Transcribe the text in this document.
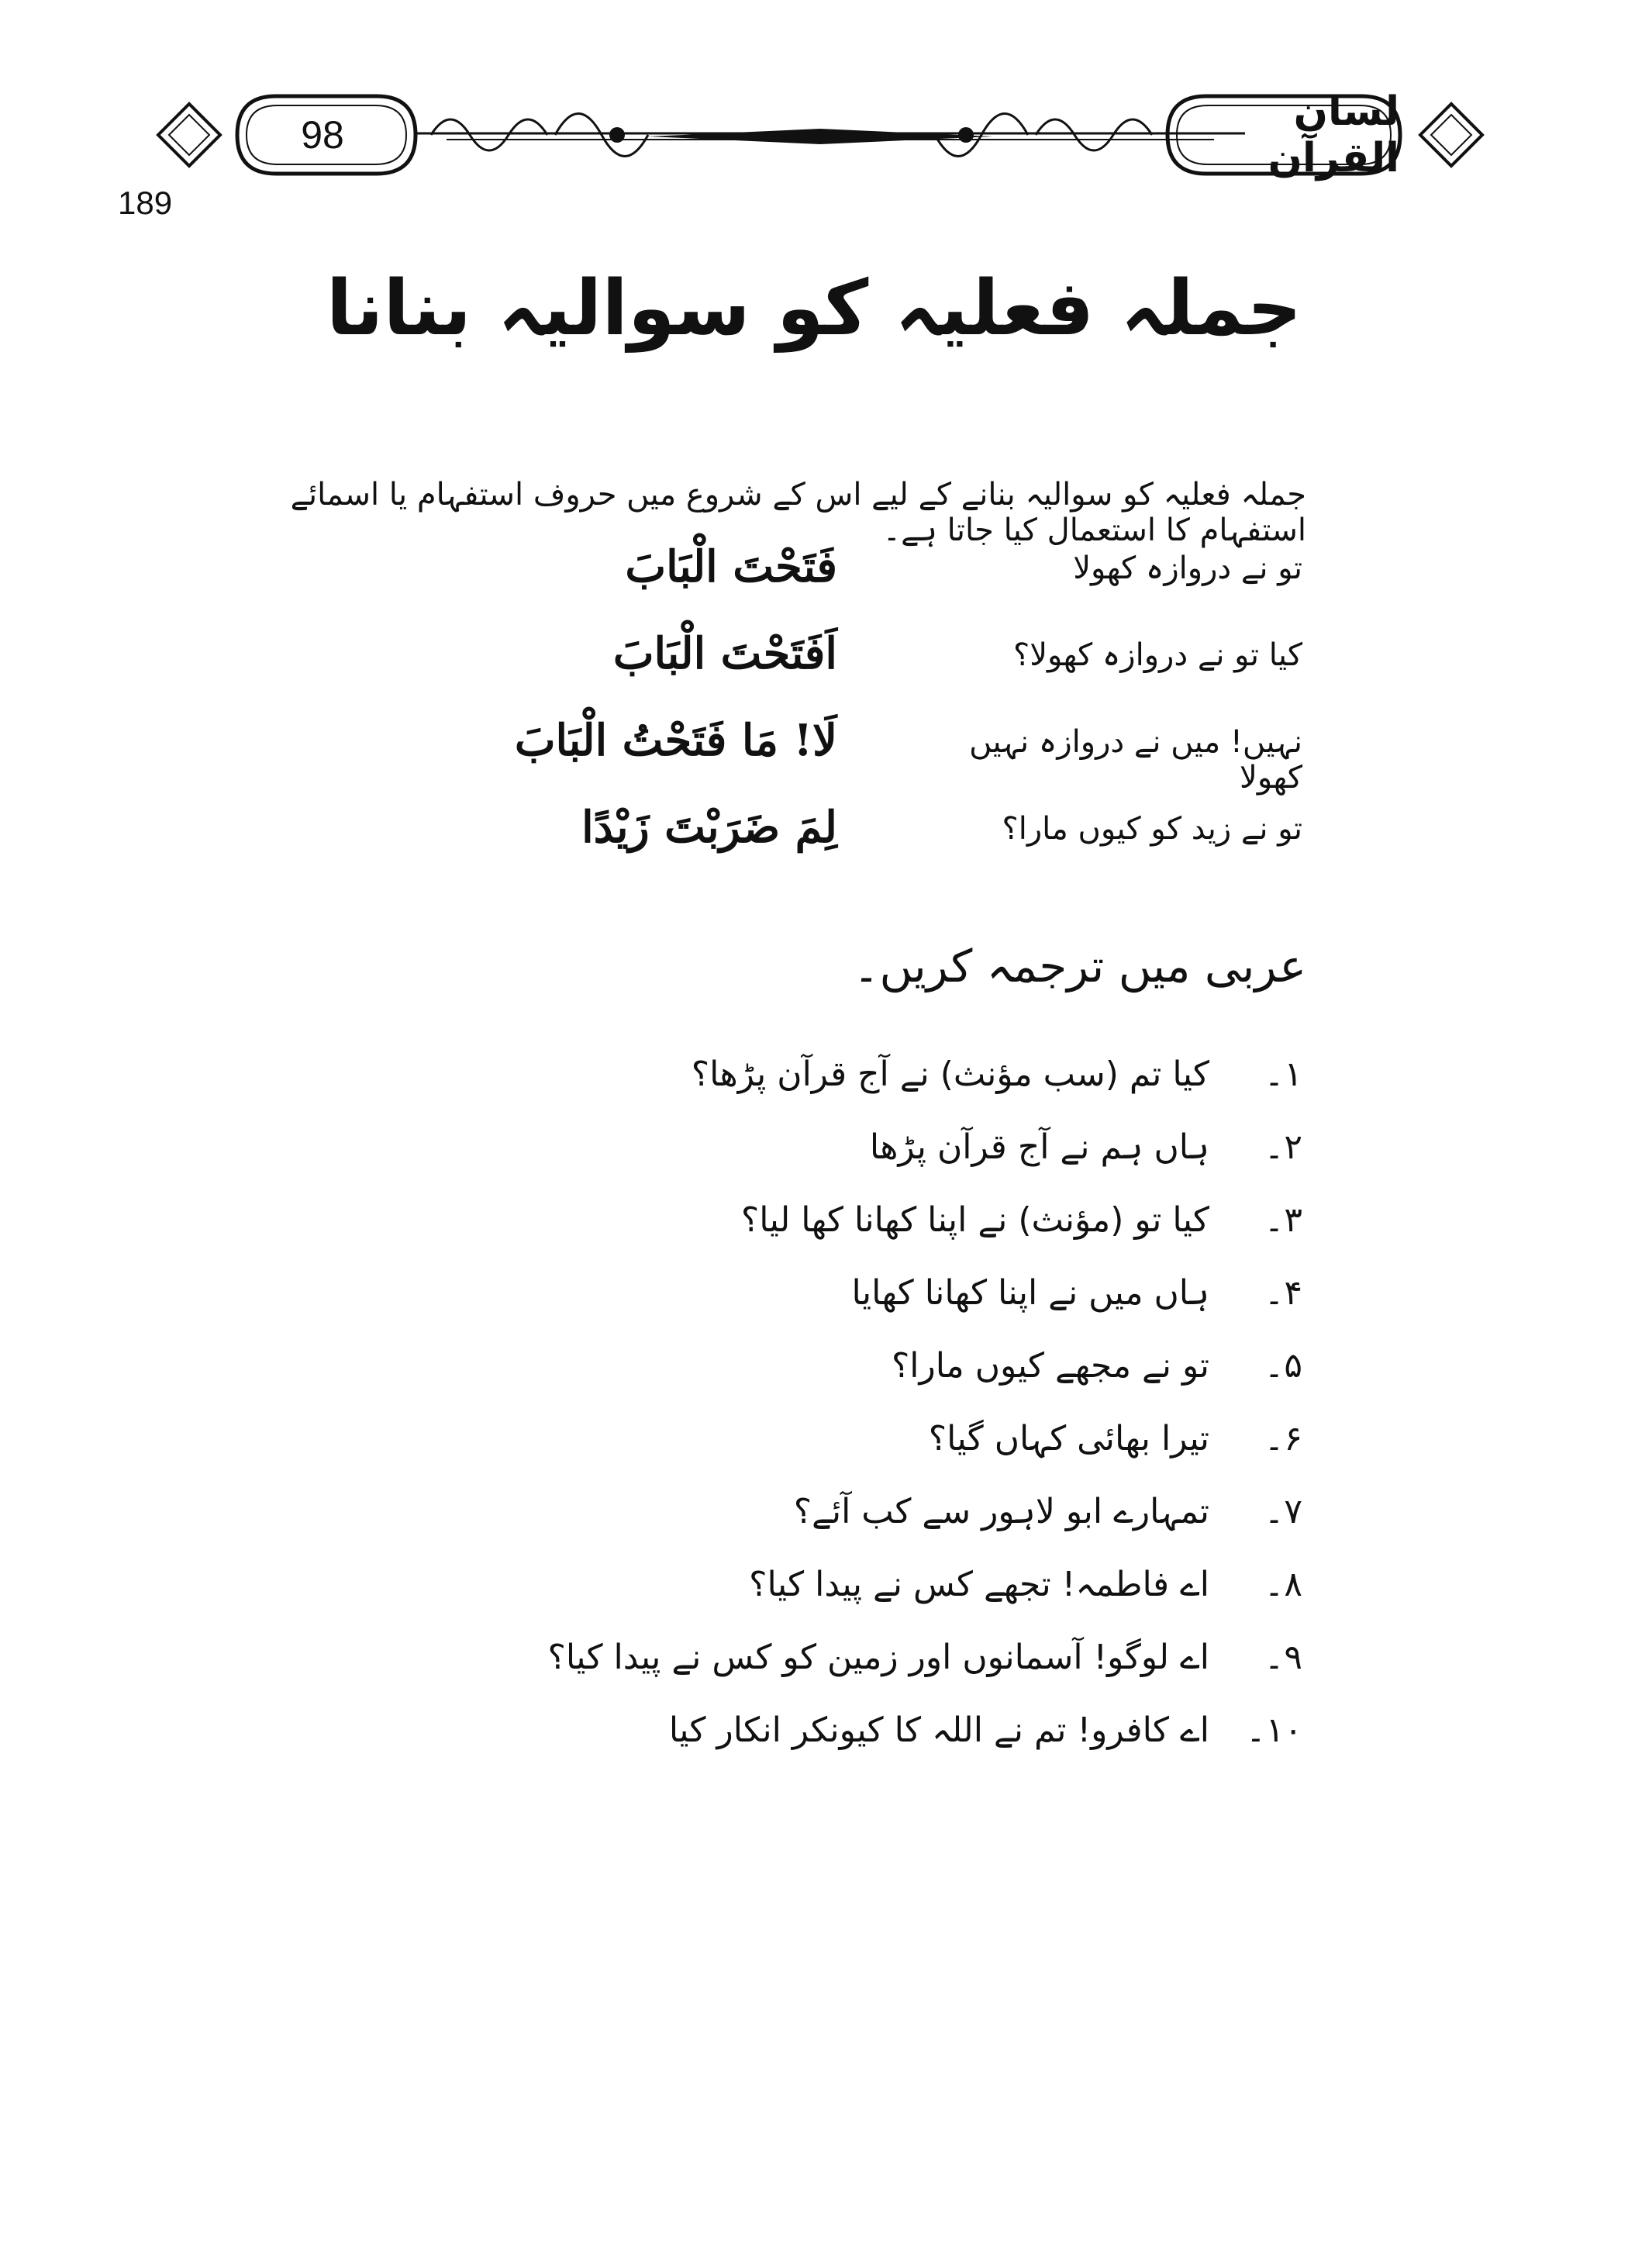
98	لسان القرآن
189
جملہ فعلیہ کو سوالیہ بنانا
جملہ فعلیہ کو سوالیہ بنانے کے لیے اس کے شروع میں حروف استفہام یا اسمائے استفہام کا استعمال کیا جاتا ہے۔
تو نے دروازہ کھولا
فَتَحْتَ الْبَابَ
کیا تو نے دروازہ کھولا؟
اَفَتَحْتَ الْبَابَ
نہیں! میں نے دروازہ نہیں کھولا
لَا! مَا فَتَحْتُ الْبَابَ
تو نے زید کو کیوں مارا؟
لِمَ ضَرَبْتَ زَيْدًا
عربی میں ترجمہ کریں۔
۱۔
کیا تم (سب مؤنث) نے آج قرآن پڑھا؟
۲۔
ہاں ہم نے آج قرآن پڑھا
۳۔
کیا تو (مؤنث) نے اپنا کھانا کھا لیا؟
۴۔
ہاں میں نے اپنا کھانا کھایا
۵۔
تو نے مجھے کیوں مارا؟
۶۔
تیرا بھائی کہاں گیا؟
۷۔
تمہارے ابو لاہور سے کب آئے؟
۸۔
اے فاطمہ! تجھے کس نے پیدا کیا؟
۹۔
اے لوگو! آسمانوں اور زمین کو کس نے پیدا کیا؟
۱۰۔
اے کافرو! تم نے اللہ کا کیونکر انکار کیا
